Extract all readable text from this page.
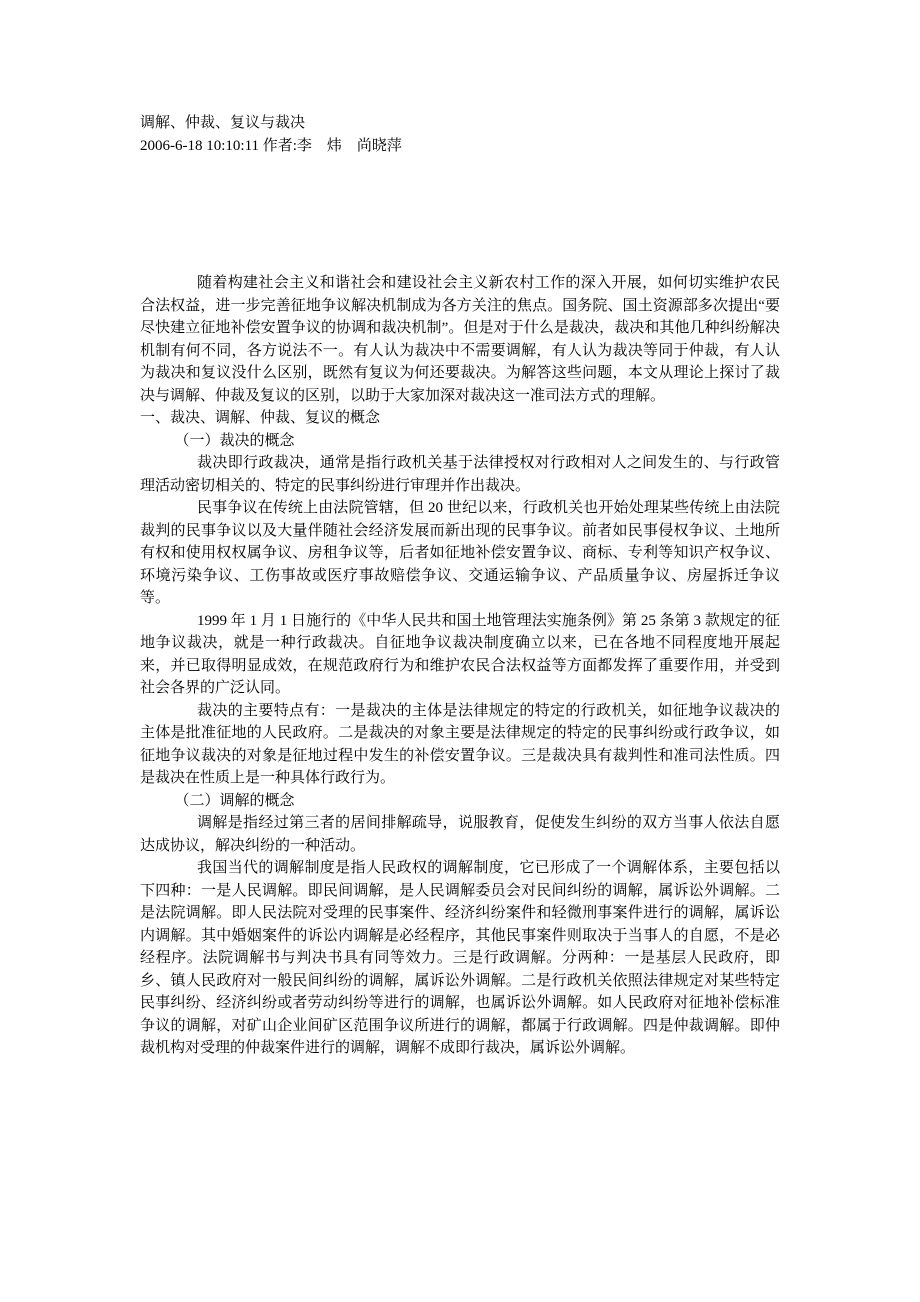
调解、仲裁、复议与裁决
2006-6-18 10:10:11 作者:李　炜　尚晓萍

随着构建社会主义和谐社会和建设社会主义新农村工作的深入开展，如何切实维护农民合法权益，进一步完善征地争议解决机制成为各方关注的焦点。国务院、国土资源部多次提出“要尽快建立征地补偿安置争议的协调和裁决机制”。但是对于什么是裁决，裁决和其他几种纠纷解决机制有何不同，各方说法不一。有人认为裁决中不需要调解，有人认为裁决等同于仲裁，有人认为裁决和复议没什么区别，既然有复议为何还要裁决。为解答这些问题，本文从理论上探讨了裁决与调解、仲裁及复议的区别，以助于大家加深对裁决这一准司法方式的理解。

一、裁决、调解、仲裁、复议的概念

（一）裁决的概念

裁决即行政裁决，通常是指行政机关基于法律授权对行政相对人之间发生的、与行政管理活动密切相关的、特定的民事纠纷进行审理并作出裁决。

民事争议在传统上由法院管辖，但 20 世纪以来，行政机关也开始处理某些传统上由法院裁判的民事争议以及大量伴随社会经济发展而新出现的民事争议。前者如民事侵权争议、土地所有权和使用权权属争议、房租争议等，后者如征地补偿安置争议、商标、专利等知识产权争议、环境污染争议、工伤事故或医疗事故赔偿争议、交通运输争议、产品质量争议、房屋拆迁争议等。

1999 年 1 月 1 日施行的《中华人民共和国土地管理法实施条例》第 25 条第 3 款规定的征地争议裁决，就是一种行政裁决。自征地争议裁决制度确立以来，已在各地不同程度地开展起来，并已取得明显成效，在规范政府行为和维护农民合法权益等方面都发挥了重要作用，并受到社会各界的广泛认同。

裁决的主要特点有：一是裁决的主体是法律规定的特定的行政机关，如征地争议裁决的主体是批准征地的人民政府。二是裁决的对象主要是法律规定的特定的民事纠纷或行政争议，如征地争议裁决的对象是征地过程中发生的补偿安置争议。三是裁决具有裁判性和准司法性质。四是裁决在性质上是一种具体行政行为。

（二）调解的概念

调解是指经过第三者的居间排解疏导，说服教育，促使发生纠纷的双方当事人依法自愿达成协议，解决纠纷的一种活动。

我国当代的调解制度是指人民政权的调解制度，它已形成了一个调解体系，主要包括以下四种：一是人民调解。即民间调解，是人民调解委员会对民间纠纷的调解，属诉讼外调解。二是法院调解。即人民法院对受理的民事案件、经济纠纷案件和轻微刑事案件进行的调解，属诉讼内调解。其中婚姻案件的诉讼内调解是必经程序，其他民事案件则取决于当事人的自愿，不是必经程序。法院调解书与判决书具有同等效力。三是行政调解。分两种：一是基层人民政府，即乡、镇人民政府对一般民间纠纷的调解，属诉讼外调解。二是行政机关依照法律规定对某些特定民事纠纷、经济纠纷或者劳动纠纷等进行的调解，也属诉讼外调解。如人民政府对征地补偿标准争议的调解，对矿山企业间矿区范围争议所进行的调解，都属于行政调解。四是仲裁调解。即仲裁机构对受理的仲裁案件进行的调解，调解不成即行裁决，属诉讼外调解。
